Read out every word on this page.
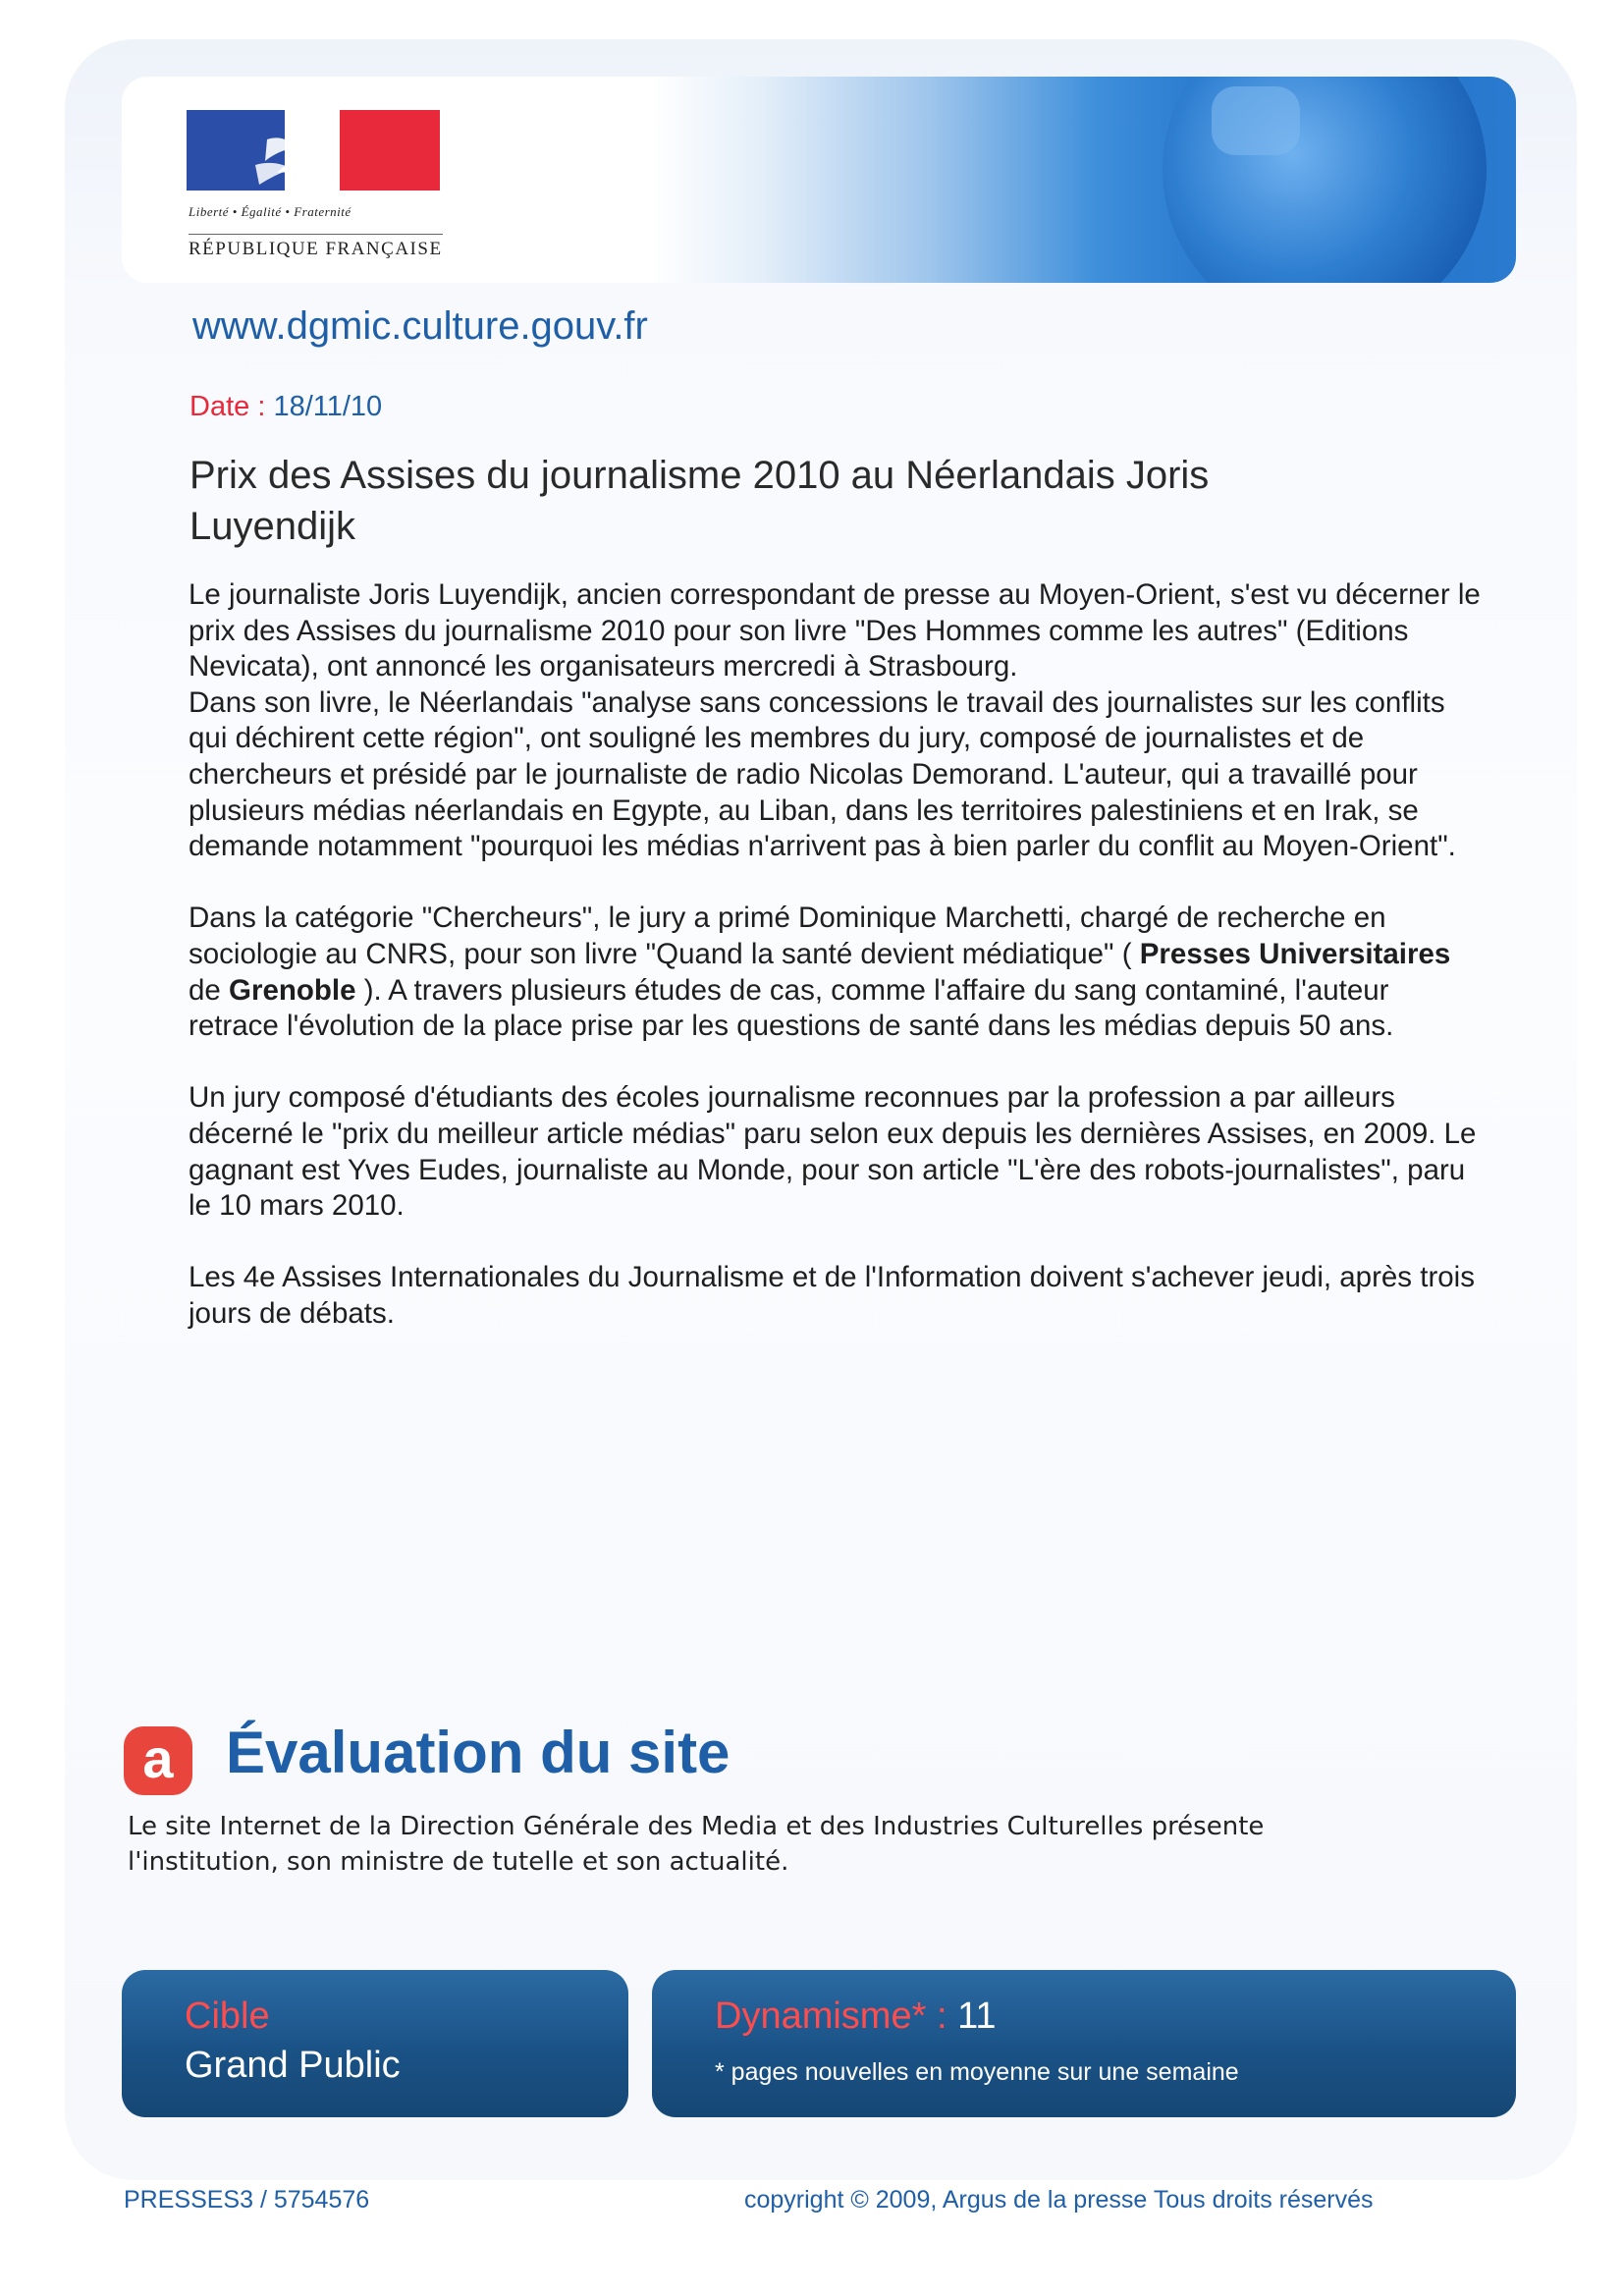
Liberté • Égalité • Fraternité
RÉPUBLIQUE FRANÇAISE
www.dgmic.culture.gouv.fr
Date : 18/11/10
Prix des Assises du journalisme 2010 au Néerlandais Joris Luyendijk

Le journaliste Joris Luyendijk, ancien correspondant de presse au Moyen-Orient, s'est vu décerner le prix des Assises du journalisme 2010 pour son livre "Des Hommes comme les autres" (Editions Nevicata), ont annoncé les organisateurs mercredi à Strasbourg.

Dans son livre, le Néerlandais "analyse sans concessions le travail des journalistes sur les conflits qui déchirent cette région", ont souligné les membres du jury, composé de journalistes et de chercheurs et présidé par le journaliste de radio Nicolas Demorand. L'auteur, qui a travaillé pour plusieurs médias néerlandais en Egypte, au Liban, dans les territoires palestiniens et en Irak, se demande notamment "pourquoi les médias n'arrivent pas à bien parler du conflit au Moyen-Orient".

Dans la catégorie "Chercheurs", le jury a primé Dominique Marchetti, chargé de recherche en sociologie au CNRS, pour son livre "Quand la santé devient médiatique" ( Presses Universitaires de Grenoble ). A travers plusieurs études de cas, comme l'affaire du sang contaminé, l'auteur retrace l'évolution de la place prise par les questions de santé dans les médias depuis 50 ans.

Un jury composé d'étudiants des écoles journalisme reconnues par la profession a par ailleurs décerné le "prix du meilleur article médias" paru selon eux depuis les dernières Assises, en 2009. Le gagnant est Yves Eudes, journaliste au Monde, pour son article "L'ère des robots-journalistes", paru le 10 mars 2010.

Les 4e Assises Internationales du Journalisme et de l'Information doivent s'achever jeudi, après trois jours de débats.

a Évaluation du site
Le site Internet de la Direction Générale des Media et des Industries Culturelles présente l'institution, son ministre de tutelle et son actualité.
Cible
Grand Public
Dynamisme* : 11
* pages nouvelles en moyenne sur une semaine
PRESSES3 / 5754576	copyright © 2009, Argus de la presse Tous droits réservés
